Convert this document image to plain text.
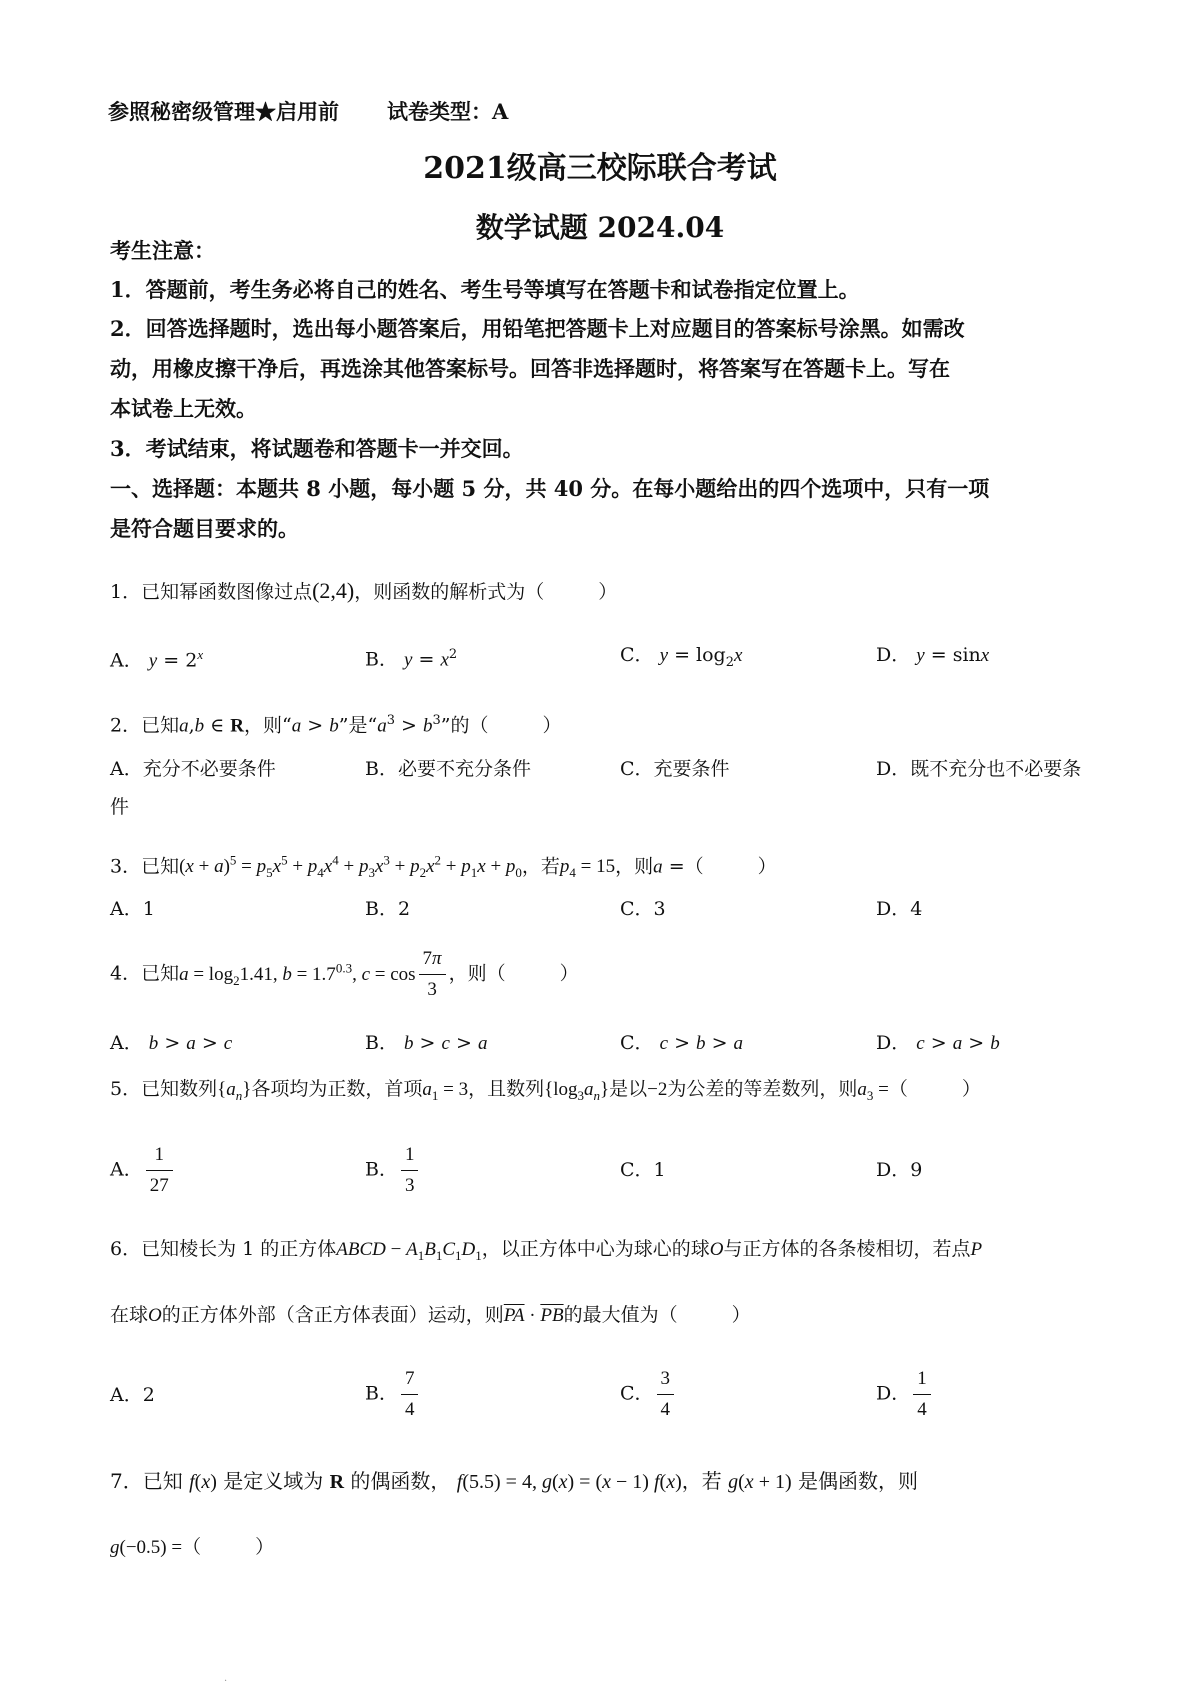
参照秘密级管理★启用前 试卷类型：A
2021级高三校际联合考试
数学试题 2024.04
考生注意：
1．答题前，考生务必将自己的姓名、考生号等填写在答题卡和试卷指定位置上。
2．回答选择题时，选出每小题答案后，用铅笔把答题卡上对应题目的答案标号涂黑。如需改
动，用橡皮擦干净后，再选涂其他答案标号。回答非选择题时，将答案写在答题卡上。写在
本试卷上无效。
3．考试结束，将试题卷和答题卡一并交回。
一、选择题：本题共 8 小题，每小题 5 分，共 40 分。在每小题给出的四个选项中，只有一项
是符合题目要求的。
1．已知幂函数图像过点(2,4)，则函数的解析式为（	）
A． $y = 2^x$	B． $y = x^2$	C． $y = \log_2x$	D． y = sinx
2．已知a,b ∈ R，则“a > b”是“$a^3 > b^3$”的（	）
A．充分不必要条件	B．必要不充分条件	C．充要条件	D．既不充分也不必要条
件
3．已知$(x + a)^5 = p_5x^5 + p_4x^4 + p_3x^3 + p_2x^2 + p_1x + p_0$，若$p_4 = 15$，则a =（	）
A．1	B．2	C．3	D．4
4．已知$a = \log_21.41$, $b = 1.7^{0.3}$, $c = \cos \frac{7\pi}{3}$ ，则（	）
A． b > a > c	B． b > c > a	C． c > b > a	D． c > a > b
5．已知数列$\{a_n\}$各项均为正数，首项$a_1 = 3$，且数列$\{\log_3a_n\}$是以−2为公差的等差数列，则$a_3$ =（	）
A． $\frac{1}{27}$	B． $\frac{1}{3}$	C．1	D．9
6．已知棱长为 1 的正方体ABCD − $A_1B_1C_1D_1$，以正方体中心为球心的球O与正方体的各条棱相切，若点P
在球O的正方体外部（含正方体表面）运动，则$\overline{PA} \cdot \overline{PB}$的最大值为（	）
A．2	B． $\frac{7}{4}$	C． $\frac{3}{4}$	D． $\frac{1}{4}$
7．已知 f(x) 是定义域为 R 的偶函数， f(5.5) = 4, g(x) = (x − 1) f(x)，若 g(x + 1) 是偶函数，则
g(−0.5) =（	）
·
